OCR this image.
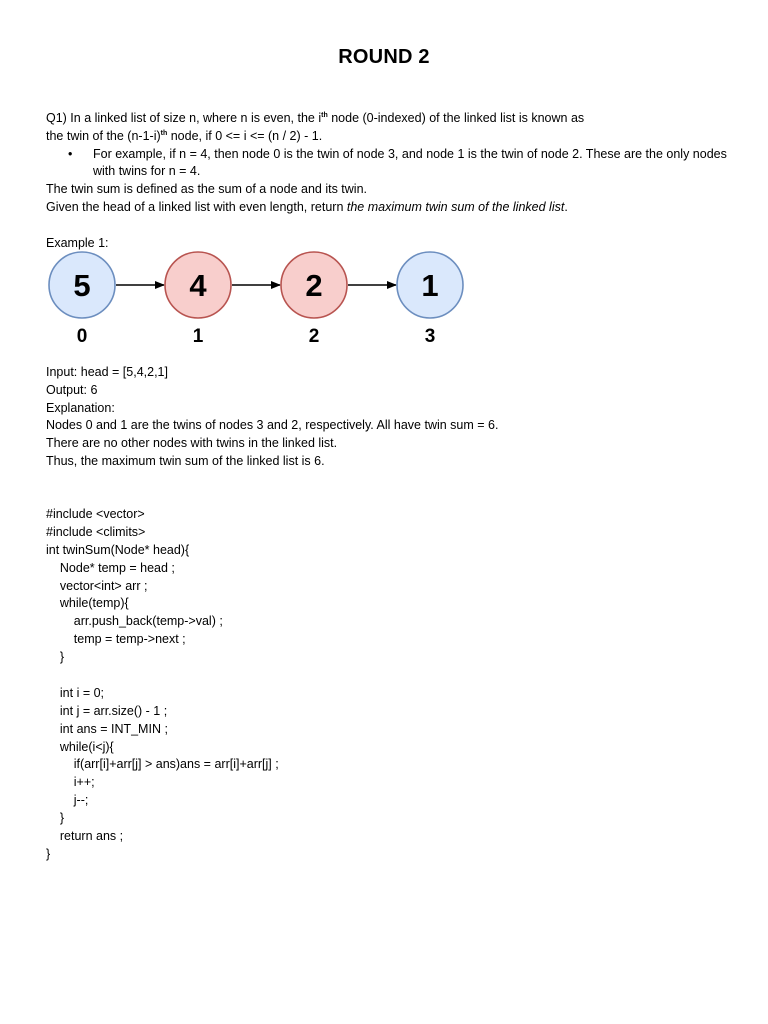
ROUND 2
Q1) In a linked list of size n, where n is even, the $i^{th}$ node (0-indexed) of the linked list is known as
the twin of the $(n-1-i)^{th}$ node, if 0 <= i <= (n / 2) - 1.
• For example, if n = 4, then node 0 is the twin of node 3, and node 1 is the twin of node 2. These are the only nodes with twins for n = 4.
The twin sum is defined as the sum of a node and its twin.
Given the head of a linked list with even length, return the maximum twin sum of the linked list.
Example 1:
5
0
4
1
2
2
1
3
Input: head = [5,4,2,1]
Output: 6
Explanation:
Nodes 0 and 1 are the twins of nodes 3 and 2, respectively. All have twin sum = 6.
There are no other nodes with twins in the linked list.
Thus, the maximum twin sum of the linked list is 6.
#include <vector>
#include <climits>
int twinSum(Node* head){
Node* temp = head ;
vector<int> arr ;
while(temp){
arr.push_back(temp->val) ;
temp = temp->next ;
}
int i = 0;
int j = arr.size() - 1 ;
int ans = INT_MIN ;
while(i<j){
if(arr[i]+arr[j] > ans)ans = arr[i]+arr[j] ;
i++;
j--;
}
return ans ;
}
